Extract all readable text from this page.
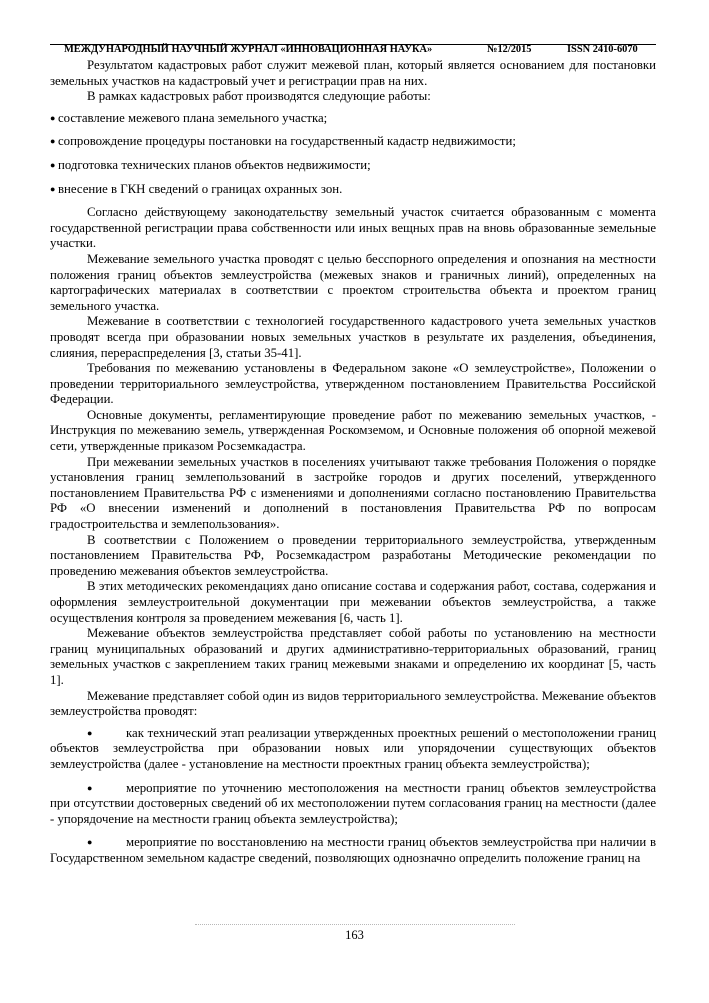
МЕЖДУНАРОДНЫЙ НАУЧНЫЙ ЖУРНАЛ «ИННОВАЦИОННАЯ НАУКА»	№12/2015	ISSN 2410-6070

Результатом кадастровых работ служит межевой план, который является основанием для постановки земельных участков на кадастровый учет и регистрации прав на них.

В рамках кадастровых работ производятся следующие работы:

● составление межевого плана земельного участка;

● сопровождение процедуры постановки на государственный кадастр недвижимости;

● подготовка технических планов объектов недвижимости;

● внесение в ГКН сведений о границах охранных зон.

Согласно действующему законодательству земельный участок считается образованным с момента государственной регистрации права собственности или иных вещных прав на вновь образованные земельные участки.

Межевание земельного участка проводят с целью бесспорного определения и опознания на местности положения границ объектов землеустройства (межевых знаков и граничных линий), определенных на картографических материалах в соответствии с проектом строительства объекта и проектом границ земельного участка.

Межевание в соответствии с технологией государственного кадастрового учета земельных участков проводят всегда при образовании новых земельных участков в результате их разделения, объединения, слияния, перераспределения [3, статьи 35-41].

Требования по межеванию установлены в Федеральном законе «О землеустройстве», Положении о проведении территориального землеустройства, утвержденном постановлением Правительства Российской Федерации.

Основные документы, регламентирующие проведение работ по межеванию земельных участков, - Инструкция по межеванию земель, утвержденная Роскомземом, и Основные положения об опорной межевой сети, утвержденные приказом Росземкадастра.

При межевании земельных участков в поселениях учитывают также требования Положения о порядке установления границ землепользований в застройке городов и других поселений, утвержденного постановлением Правительства РФ с изменениями и дополнениями согласно постановлению Правительства РФ «О внесении изменений и дополнений в постановления Правительства РФ по вопросам градостроительства и землепользования».

В соответствии с Положением о проведении территориального землеустройства, утвержденным постановлением Правительства РФ, Росземкадастром разработаны Методические рекомендации по проведению межевания объектов землеустройства.

В этих методических рекомендациях дано описание состава и содержания работ, состава, содержания и оформления землеустроительной документации при межевании объектов землеустройства, а также осуществления контроля за проведением межевания [6, часть 1].

Межевание объектов землеустройства представляет собой работы по установлению на местности границ муниципальных образований и других административно-территориальных образований, границ земельных участков с закреплением таких границ межевыми знаками и определению их координат [5, часть 1].

Межевание представляет собой один из видов территориального землеустройства. Межевание объектов землеустройства проводят:

●	как технический этап реализации утвержденных проектных решений о местоположении границ объектов землеустройства при образовании новых или упорядочении существующих объектов землеустройства (далее - установление на местности проектных границ объекта землеустройства);

●	мероприятие по уточнению местоположения на местности границ объектов землеустройства при отсутствии достоверных сведений об их местоположении путем согласования границ на местности (далее - упорядочение на местности границ объекта землеустройства);

●	мероприятие по восстановлению на местности границ объектов землеустройства при наличии в Государственном земельном кадастре сведений, позволяющих однозначно определить положение границ на

163
